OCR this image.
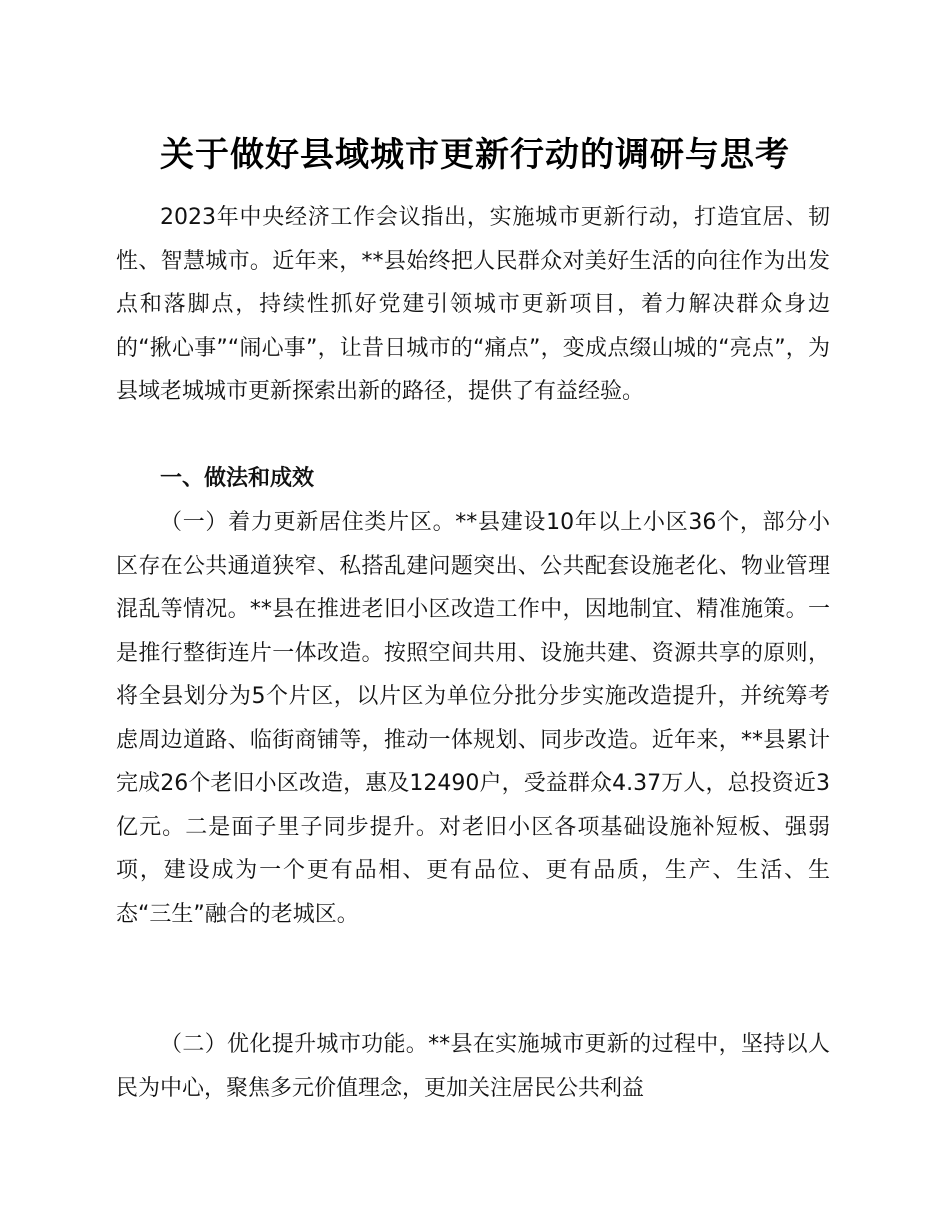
关于做好县域城市更新行动的调研与思考

2023年中央经济工作会议指出，实施城市更新行动，打造宜居、韧性、智慧城市。近年来，**县始终把人民群众对美好生活的向往作为出发点和落脚点，持续性抓好党建引领城市更新项目，着力解决群众身边的“揪心事”“闹心事”，让昔日城市的“痛点”，变成点缀山城的“亮点”，为县域老城城市更新探索出新的路径，提供了有益经验。

一、做法和成效

（一）着力更新居住类片区。**县建设10年以上小区36个，部分小区存在公共通道狭窄、私搭乱建问题突出、公共配套设施老化、物业管理混乱等情况。**县在推进老旧小区改造工作中，因地制宜、精准施策。一是推行整街连片一体改造。按照空间共用、设施共建、资源共享的原则，将全县划分为5个片区，以片区为单位分批分步实施改造提升，并统筹考虑周边道路、临街商铺等，推动一体规划、同步改造。近年来，**县累计完成26个老旧小区改造，惠及12490户，受益群众4.37万人，总投资近3亿元。二是面子里子同步提升。对老旧小区各项基础设施补短板、强弱项，建设成为一个更有品相、更有品位、更有品质，生产、生活、生态“三生”融合的老城区。

（二）优化提升城市功能。**县在实施城市更新的过程中，坚持以人民为中心，聚焦多元价值理念，更加关注居民公共利益
